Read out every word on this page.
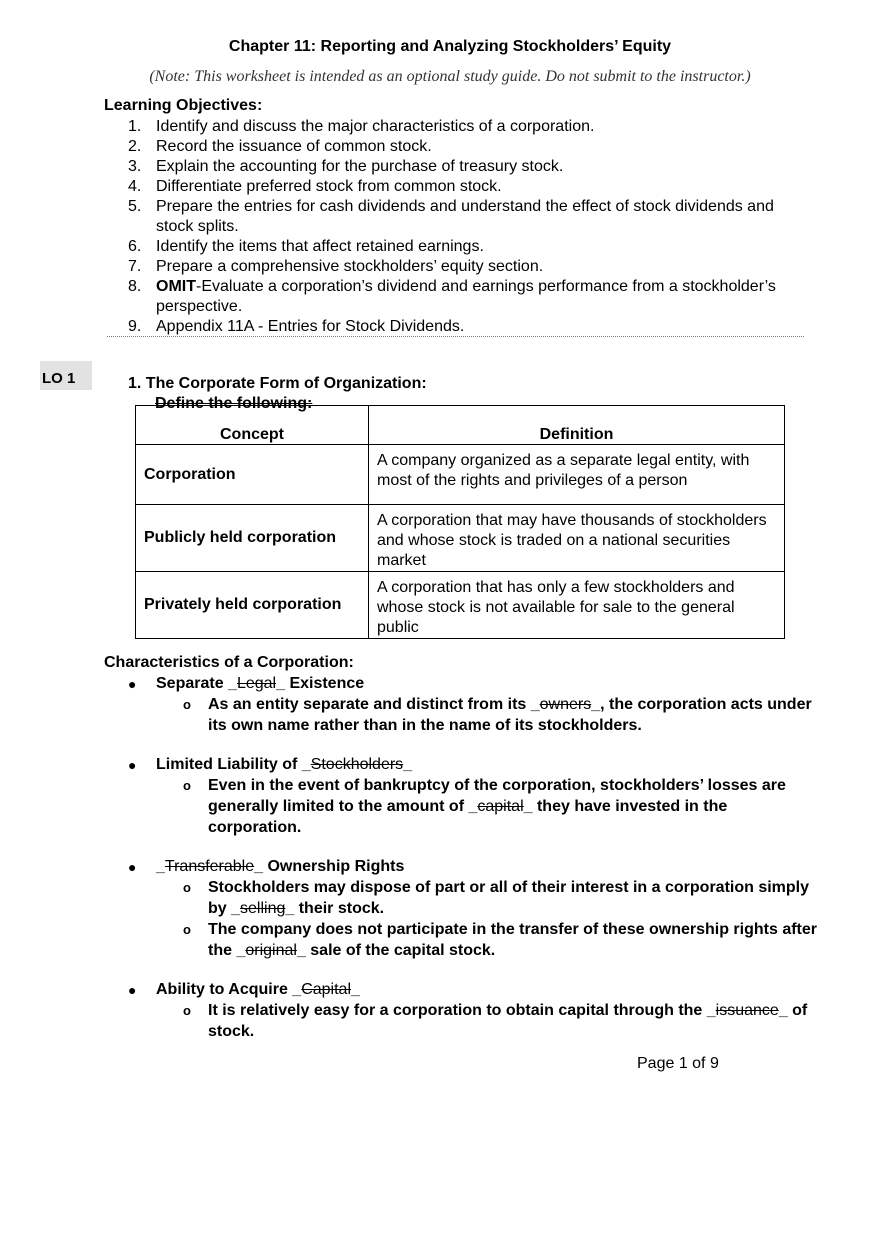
Chapter 11: Reporting and Analyzing Stockholders’ Equity
(Note: This worksheet is intended as an optional study guide. Do not submit to the instructor.)
Learning Objectives:
1. Identify and discuss the major characteristics of a corporation.
2. Record the issuance of common stock.
3. Explain the accounting for the purchase of treasury stock.
4. Differentiate preferred stock from common stock.
5. Prepare the entries for cash dividends and understand the effect of stock dividends and stock splits.
6. Identify the items that affect retained earnings.
7. Prepare a comprehensive stockholders’ equity section.
8. OMIT-Evaluate a corporation’s dividend and earnings performance from a stockholder’s perspective.
9. Appendix 11A - Entries for Stock Dividends.
LO 1	1. The Corporate Form of Organization:
Define the following:
Concept	Definition
Corporation	A company organized as a separate legal entity, with most of the rights and privileges of a person

Publicly held corporation	A corporation that may have thousands of stockholders and whose stock is traded on a national securities market

Privately held corporation	A corporation that has only a few stockholders and whose stock is not available for sale to the general public
Characteristics of a Corporation:
● Separate _Legal_ Existence
o As an entity separate and distinct from its _owners_, the corporation acts under its own name rather than in the name of its stockholders.
● Limited Liability of _Stockholders_
o Even in the event of bankruptcy of the corporation, stockholders’ losses are generally limited to the amount of _capital_ they have invested in the corporation.
● _Transferable_ Ownership Rights
o Stockholders may dispose of part or all of their interest in a corporation simply by _selling_ their stock.
o The company does not participate in the transfer of these ownership rights after the _original_ sale of the capital stock.
● Ability to Acquire _Capital_
o It is relatively easy for a corporation to obtain capital through the _issuance_ of stock.
Page 1 of 9
